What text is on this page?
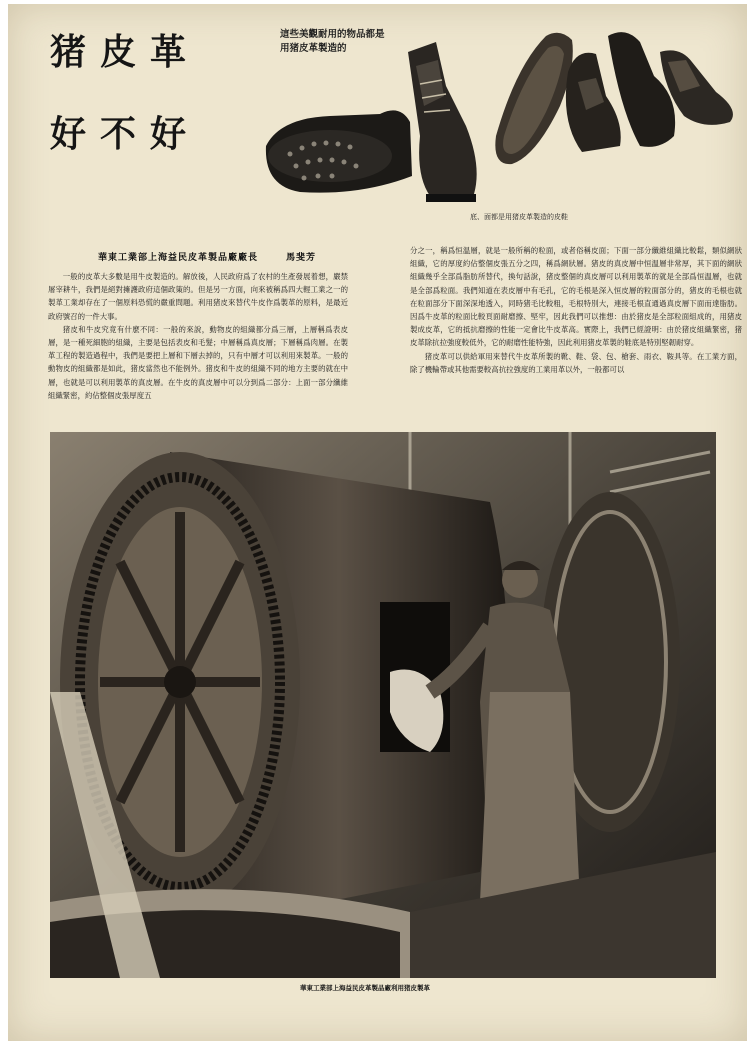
猪皮革
好不好
這些美觀耐用的物品都是用猪皮革製造的
底、面都是用猪皮革製造的皮鞋
華東工業部上海益民皮革製品廠廠長	馬斐芳

一般的皮革大多數是用牛皮製造的。解放後，人民政府爲了农村的生產發展着想，嚴禁屠宰耕牛，我們是絕對擁護政府這個政策的。但是另一方面，向來被稱爲四大輕工業之一的製革工業却存在了一個原料恐慌的嚴重問題。利用猪皮來替代牛皮作爲製革的原料，是最近政府號召的一件大事。

猪皮和牛皮究竟有什麽不同：一般的來說，動物皮的組織都分爲三層，上層稱爲表皮層，是一種死細胞的組織，主要是包括表皮和毛髮；中層稱爲真皮層；下層稱爲肉層。在製革工程的製造過程中，我們是要把上層和下層去掉的，只有中層才可以利用來製革。一般的動物皮的組織都是如此，猪皮當然也不能例外。猪皮和牛皮的組織不同的地方主要的就在中層，也就是可以利用製革的真皮層。在牛皮的真皮層中可以分到爲二部分：上面一部分纖維組織緊密，約佔整個皮張厚度五

分之一，稱爲恒温層，就是一般所稱的粒面，或者俗稱皮面；下面一部分纖維組織比較鬆，類似網狀組織，它的厚度約佔整個皮張五分之四，稱爲網狀層。猪皮的真皮層中恒温層非常厚，其下面的網狀組織幾乎全部爲脂肪所替代，換句話說，猪皮整個的真皮層可以利用製革的就是全部爲恒温層，也就是全部爲粒面。我們知道在表皮層中有毛孔，它的毛根是深入恒皮層的粒面部分的，猪皮的毛根也就在粒面部分下面深深地透入，同時猪毛比較粗，毛根特別大，連接毛根直通過真皮層下面而達脂肪。因爲牛皮革的粒面比較頁面耐磨擦、堅牢，因此我們可以推想：由於猪皮是全部粒面組成的，用猪皮製成皮革，它的抵抗磨擦的性能一定會比牛皮革高。實際上，我們已經證明：由於猪皮組織緊密，猪皮革除抗拉強度較低外，它的耐磨性能特強，因此利用猪皮革製的鞋底是特別堅韌耐穿。

猪皮革可以供給軍用來替代牛皮革所製的靴、鞋、袋、包、槍套、雨衣、鞍具等。在工業方面，除了機輪帶或其他需要較高抗拉強度的工業用革以外，一般都可以

華東工業部上海益民皮革製品廠利用猪皮製革
